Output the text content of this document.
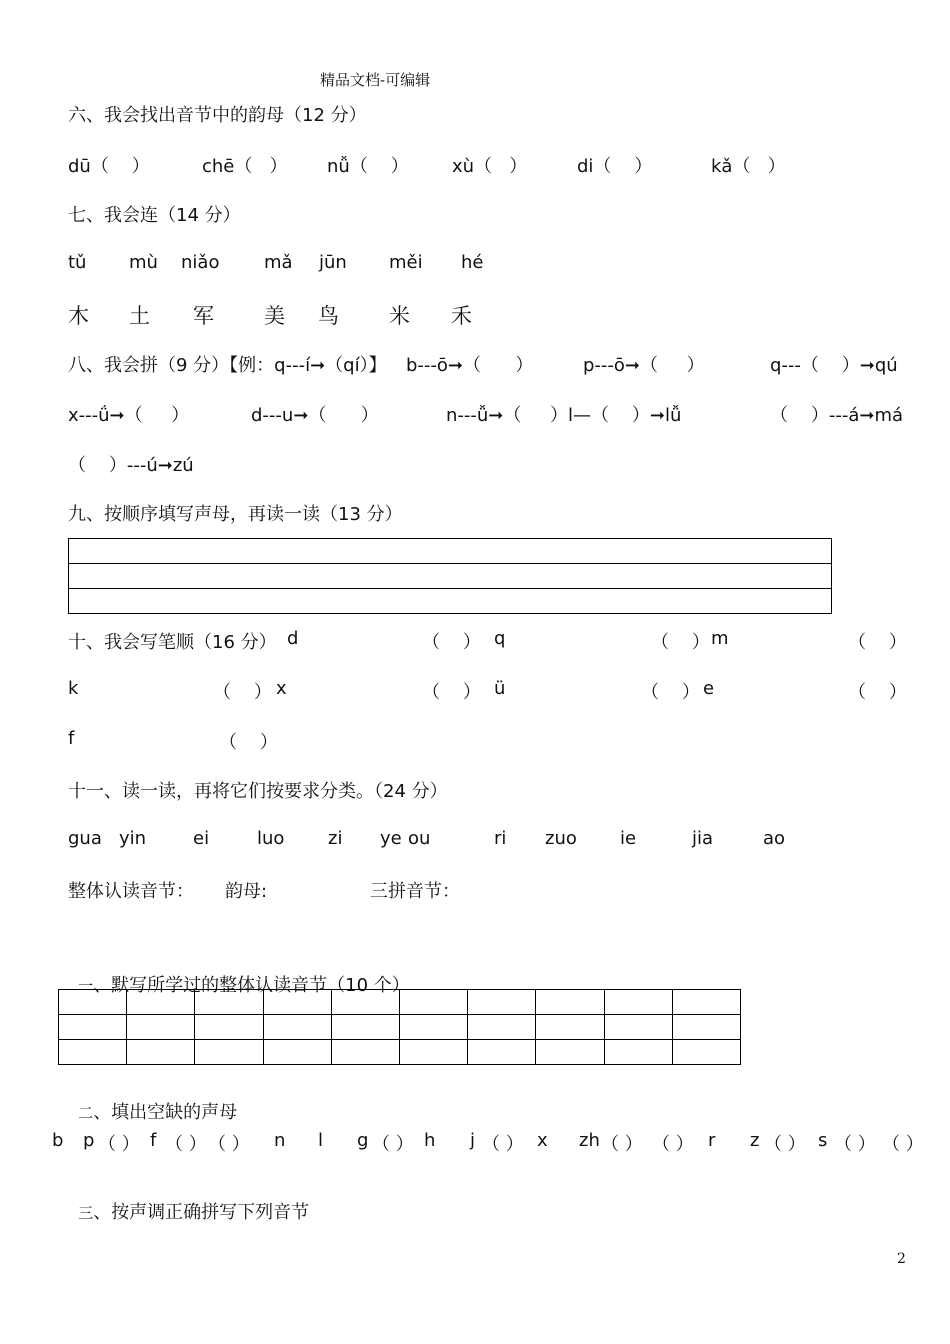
精品文档-可编辑
六、我会找出音节中的韵母（12 分）
dū（    ）	chē（   ） nǚ（    ） xù（   ）	di（    ）	kǎ（   ）
七、我会连（14 分）
tǔ mù niǎo mǎ jūn měi hé
木 土 军 美 鸟 米 禾
八、我会拼（9 分）【例：q---í➞（qí）】 b---ō➞（      ）	p---ō➞（     ）	q---（    ）➞qú
x---ǘ➞（     ）	d---u➞（      ）	n---ǚ➞（     ）l—（    ）➞lǚ	（    ）---á➞má
（    ）---ú➞zú
九、按顺序填写声母，再读一读（13 分）

十、我会写笔顺（16 分） d	（    ） q	（    ） m	（    ）
k	（    ） x	（    ） ü	（    ） e	（    ）
f	（    ）
十一、读一读，再将它们按要求分类。（24 分）
gua yin	ei	luo zi ye ou	ri zuo ie	jia	ao
整体认读音节： 韵母:	三拼音节：

一、默写所学过的整体认读音节（10 个）

二、填出空缺的声母

b p （ ） f （ ） （ ） n l g （ ） h j （ ） x zh （ ） （ ） r z （ ） s （ ） （ ）

三、按声调正确拼写下列音节

2
